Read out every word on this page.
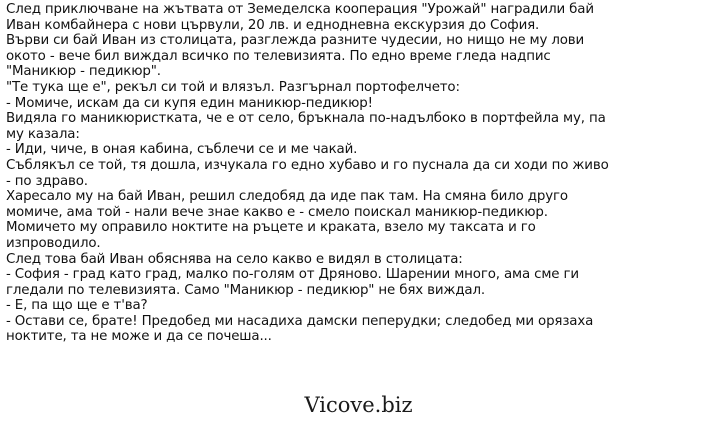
След приключване на жътвата от Земеделска кооперация "Урожай" наградили бай
Иван комбайнера с нови цървули, 20 лв. и еднодневна екскурзия до София.
Върви си бай Иван из столицата, разглежда разните чудесии, но нищо не му лови
окото - вече бил виждал всичко по телевизията. По едно време гледа надпис
"Маникюр - педикюр".
"Те тука ще е", рекъл си той и влязъл. Разгърнал портофелчето:
- Момиче, искам да си купя един маникюр-педикюр!
Видяла го маникюристката, че е от село, бръкнала по-надълбоко в портфейла му, па
му казала:
- Иди, чиче, в оная кабина, съблечи се и ме чакай.
Съблякъл се той, тя дошла, изчукала го едно хубаво и го пуснала да си ходи по живо
- по здраво.
Харесало му на бай Иван, решил следобяд да иде пак там. На смяна било друго
момиче, ама той - нали вече знае какво е - смело поискал маникюр-педикюр.
Момичето му оправило ноктите на ръцете и краката, взело му таксата и го
изпроводило.
След това бай Иван обяснява на село какво е видял в столицата:
- София - град като град, малко по-голям от Дряново. Шарении много, ама сме ги
гледали по телевизията. Само "Маникюр - педикюр" не бях виждал.
- Е, па що ще е т'ва?
- Остави се, брате! Предобед ми насадиха дамски пеперудки; следобед ми орязаха
ноктите, та не може и да се почеша...
Vicove.biz
